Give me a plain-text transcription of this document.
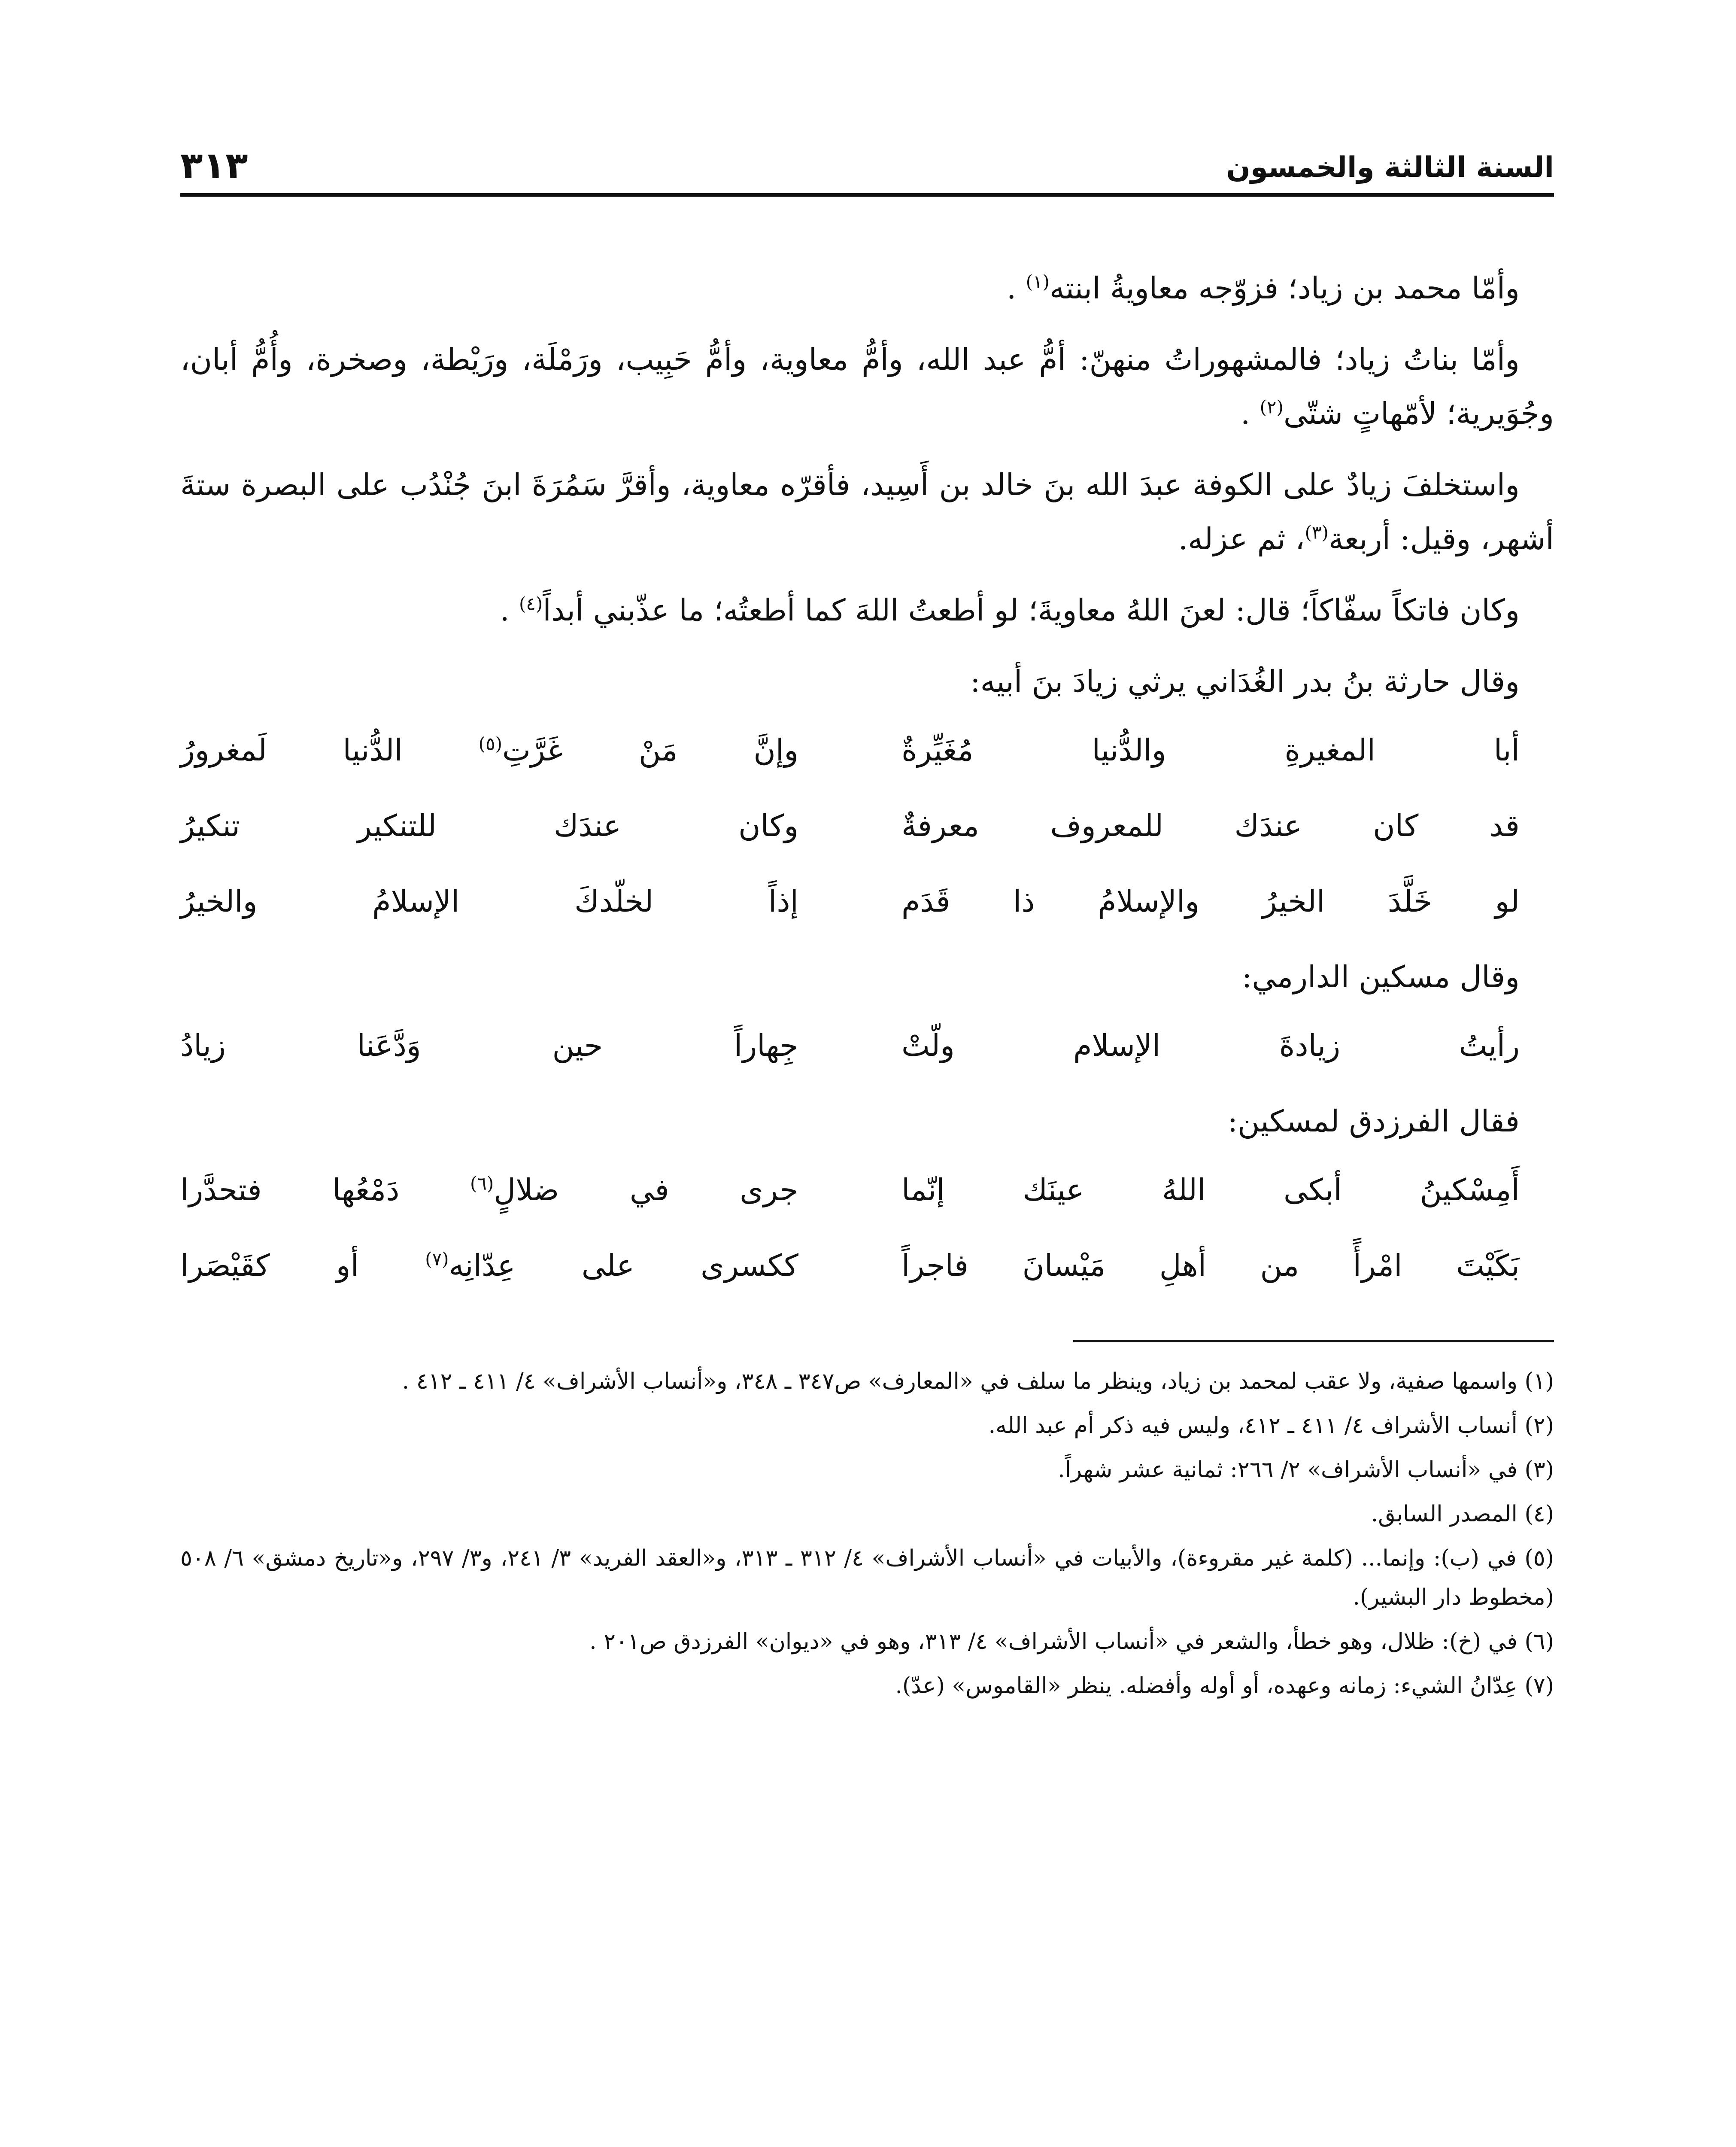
السنة الثالثة والخمسون
٣١٣

وأمّا محمد بن زياد؛ فزوّجه معاويةُ ابنته$^{(١)}$ .

وأمّا بناتُ زياد؛ فالمشهوراتُ منهنّ: أمُّ عبد الله، وأمُّ معاوية، وأمُّ حَبِيب، ورَمْلَة، ورَيْطة، وصخرة، وأُمُّ أبان، وجُوَيرية؛ لأمّهاتٍ شتّى$^{(٢)}$ .

واستخلفَ زيادٌ على الكوفة عبدَ الله بنَ خالد بن أَسِيد، فأقرّه معاوية، وأقرَّ سَمُرَةَ ابنَ جُنْدُب على البصرة ستةَ أشهر، وقيل: أربعة$^{(٣)}$، ثم عزله.

وكان فاتكاً سفّاكاً؛ قال: لعنَ اللهُ معاويةَ؛ لو أطعتُ اللهَ كما أطعتُه؛ ما عذّبني أبداً$^{(٤)}$ .

وقال حارثة بنُ بدر الغُدَاني يرثي زيادَ بنَ أبيه:

أبا المغيرةِ والدُّنيا مُغَيِّرةٌ
وإنَّ مَنْ غَرَّتِ$^{(٥)}$ الدُّنيا لَمغرورُ
قد كان عندَك للمعروف معرفةٌ
وكان عندَك للتنكير تنكيرُ
لو خَلَّدَ الخيرُ والإسلامُ ذا قَدَم
إذاً لخلّدكَ الإسلامُ والخيرُ

وقال مسكين الدارمي:

رأيتُ زيادةَ الإسلام ولّتْ
جِهاراً حين وَدَّعَنا زيادُ

فقال الفرزدق لمسكين:

أَمِسْكينُ أبكى اللهُ عينَك إنّما
جرى في ضلالٍ$^{(٦)}$ دَمْعُها فتحدَّرا
بَكَيْتَ امْرأً من أهلِ مَيْسانَ فاجراً
ككسرى على عِدّانِه$^{(٧)}$ أو كقَيْصَرا

(١) واسمها صفية، ولا عقب لمحمد بن زياد، وينظر ما سلف في «المعارف» ص٣٤٧ ـ ٣٤٨، و«أنساب الأشراف» ٤/ ٤١١ ـ ٤١٢ .

(٢) أنساب الأشراف ٤/ ٤١١ ـ ٤١٢، وليس فيه ذكر أم عبد الله.

(٣) في «أنساب الأشراف» ٢/ ٢٦٦: ثمانية عشر شهراً.

(٤) المصدر السابق.

(٥) في (ب): وإنما... (كلمة غير مقروءة)، والأبيات في «أنساب الأشراف» ٤/ ٣١٢ ـ ٣١٣، و«العقد الفريد» ٣/ ٢٤١، و٣/ ٢٩٧، و«تاريخ دمشق» ٦/ ٥٠٨ (مخطوط دار البشير).

(٦) في (خ): ظلال، وهو خطأ، والشعر في «أنساب الأشراف» ٤/ ٣١٣، وهو في «ديوان» الفرزدق ص٢٠١ .

(٧) عِدّانُ الشيء: زمانه وعهده، أو أوله وأفضله. ينظر «القاموس» (عدّ).
